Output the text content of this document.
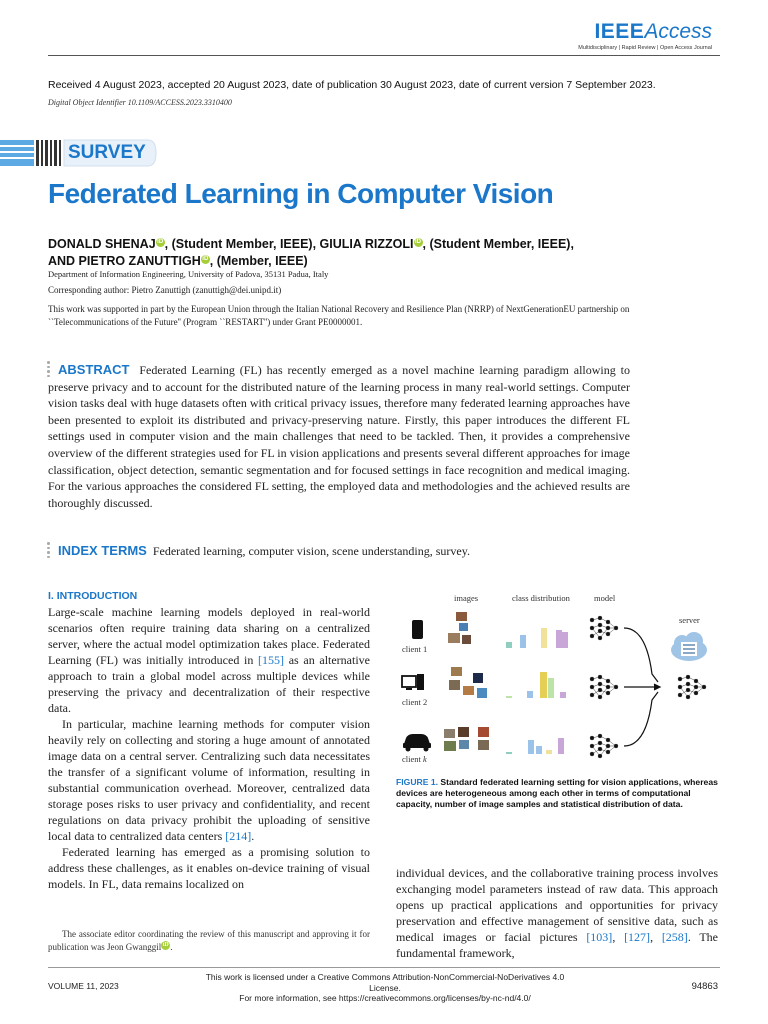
IEEEAccess
Multidisciplinary | Rapid Review | Open Access Journal
Received 4 August 2023, accepted 20 August 2023, date of publication 30 August 2023, date of current version 7 September 2023.
Digital Object Identifier 10.1109/ACCESS.2023.3310400
SURVEY
Federated Learning in Computer Vision
DONALD SHENAJ iD , (Student Member, IEEE), GIULIA RIZZOLI iD , (Student Member, IEEE),
AND PIETRO ZANUTTIGH iD , (Member, IEEE)
Department of Information Engineering, University of Padova, 35131 Padua, Italy
Corresponding author: Pietro Zanuttigh (zanuttigh@dei.unipd.it)
This work was supported in part by the European Union through the Italian National Recovery and Resilience Plan (NRRP) of NextGenerationEU partnership on ``Telecommunications of the Future'' (Program ``RESTART'') under Grant PE0000001.
ABSTRACT Federated Learning (FL) has recently emerged as a novel machine learning paradigm allowing to preserve privacy and to account for the distributed nature of the learning process in many real-world settings. Computer vision tasks deal with huge datasets often with critical privacy issues, therefore many federated learning approaches have been presented to exploit its distributed and privacy-preserving nature. Firstly, this paper introduces the different FL settings used in computer vision and the main challenges that need to be tackled. Then, it provides a comprehensive overview of the different strategies used for FL in vision applications and presents several different approaches for image classification, object detection, semantic segmentation and for focused settings in face recognition and medical imaging. For the various approaches the considered FL setting, the employed data and methodologies and the achieved results are thoroughly discussed.
INDEX TERMS Federated learning, computer vision, scene understanding, survey.
I. INTRODUCTION

Large-scale machine learning models deployed in real-world scenarios often require training data sharing on a centralized server, where the actual model optimization takes place. Federated Learning (FL) was initially introduced in [155] as an alternative approach to train a global model across multiple devices while preserving the privacy and decentralization of their respective data.

In particular, machine learning methods for computer vision heavily rely on collecting and storing a huge amount of annotated image data on a central server. Centralizing such data necessitates the transfer of a significant volume of information, resulting in substantial communication overhead. Moreover, centralized data storage poses risks to user privacy and confidentiality, and recent regulations on data privacy prohibit the uploading of sensitive local data to centralized data centers [214].

Federated learning has emerged as a promising solution to address these challenges, as it enables on-device training of visual models. In FL, data remains localized on

The associate editor coordinating the review of this manuscript and approving it for publication was Jeon Gwanggil iD .
images	class distribution	model
server
client 1
client 2
client k
FIGURE 1. Standard federated learning setting for vision applications, whereas devices are heterogeneous among each other in terms of computational capacity, number of image samples and statistical distribution of data.
individual devices, and the collaborative training process involves exchanging model parameters instead of raw data. This approach opens up practical applications and opportunities for privacy preservation and effective management of sensitive data, such as medical images or facial pictures [103], [127], [258]. The fundamental framework,
VOLUME 11, 2023
This work is licensed under a Creative Commons Attribution-NonCommercial-NoDerivatives 4.0 License.
For more information, see https://creativecommons.org/licenses/by-nc-nd/4.0/
94863
